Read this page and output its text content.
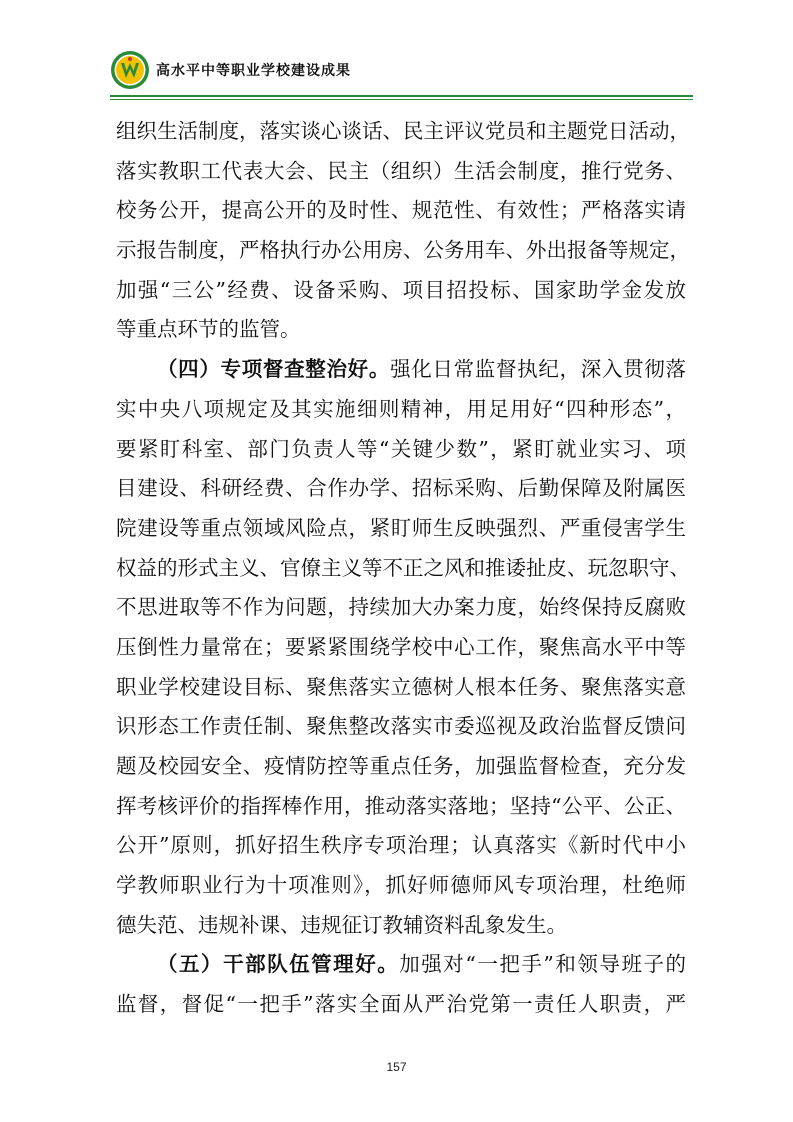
高水平中等职业学校建设成果
组织生活制度，落实谈心谈话、民主评议党员和主题党日活动，
落实教职工代表大会、民主（组织）生活会制度，推行党务、
校务公开，提高公开的及时性、规范性、有效性；严格落实请
示报告制度，严格执行办公用房、公务用车、外出报备等规定，
加强“三公”经费、设备采购、项目招投标、国家助学金发放
等重点环节的监管。
（四）专项督查整治好。强化日常监督执纪，深入贯彻落
实中央八项规定及其实施细则精神，用足用好“四种形态”，
要紧盯科室、部门负责人等“关键少数”，紧盯就业实习、项
目建设、科研经费、合作办学、招标采购、后勤保障及附属医
院建设等重点领域风险点，紧盯师生反映强烈、严重侵害学生
权益的形式主义、官僚主义等不正之风和推诿扯皮、玩忽职守、
不思进取等不作为问题，持续加大办案力度，始终保持反腐败
压倒性力量常在；要紧紧围绕学校中心工作，聚焦高水平中等
职业学校建设目标、聚焦落实立德树人根本任务、聚焦落实意
识形态工作责任制、聚焦整改落实市委巡视及政治监督反馈问
题及校园安全、疫情防控等重点任务，加强监督检查，充分发
挥考核评价的指挥棒作用，推动落实落地；坚持“公平、公正、
公开”原则，抓好招生秩序专项治理；认真落实《新时代中小
学教师职业行为十项准则》，抓好师德师风专项治理，杜绝师
德失范、违规补课、违规征订教辅资料乱象发生。
（五）干部队伍管理好。加强对“一把手”和领导班子的
监督，督促“一把手”落实全面从严治党第一责任人职责，严
157
